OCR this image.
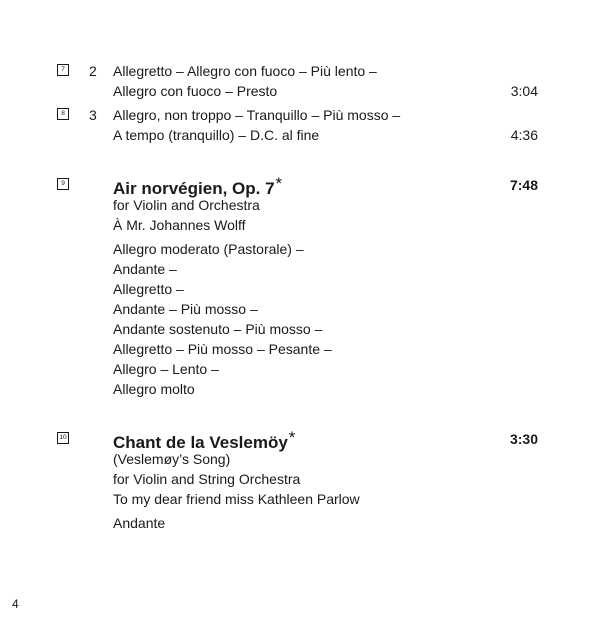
7 2 Allegretto – Allegro con fuoco – Più lento –
Allegro con fuoco – Presto	3:04
8 3 Allegro, non troppo – Tranquillo – Più mosso –
A tempo (tranquillo) – D.C. al fine	4:36
9	Air norvégien, Op. 7*	7:48
for Violin and Orchestra
À Mr. Johannes Wolff
Allegro moderato (Pastorale) –
Andante –
Allegretto –
Andante – Più mosso –
Andante sostenuto – Più mosso –
Allegretto – Più mosso – Pesante –
Allegro – Lento –
Allegro molto
10	Chant de la Veslemöy*	3:30
(Veslemøy’s Song)
for Violin and String Orchestra
To my dear friend miss Kathleen Parlow
Andante
4
